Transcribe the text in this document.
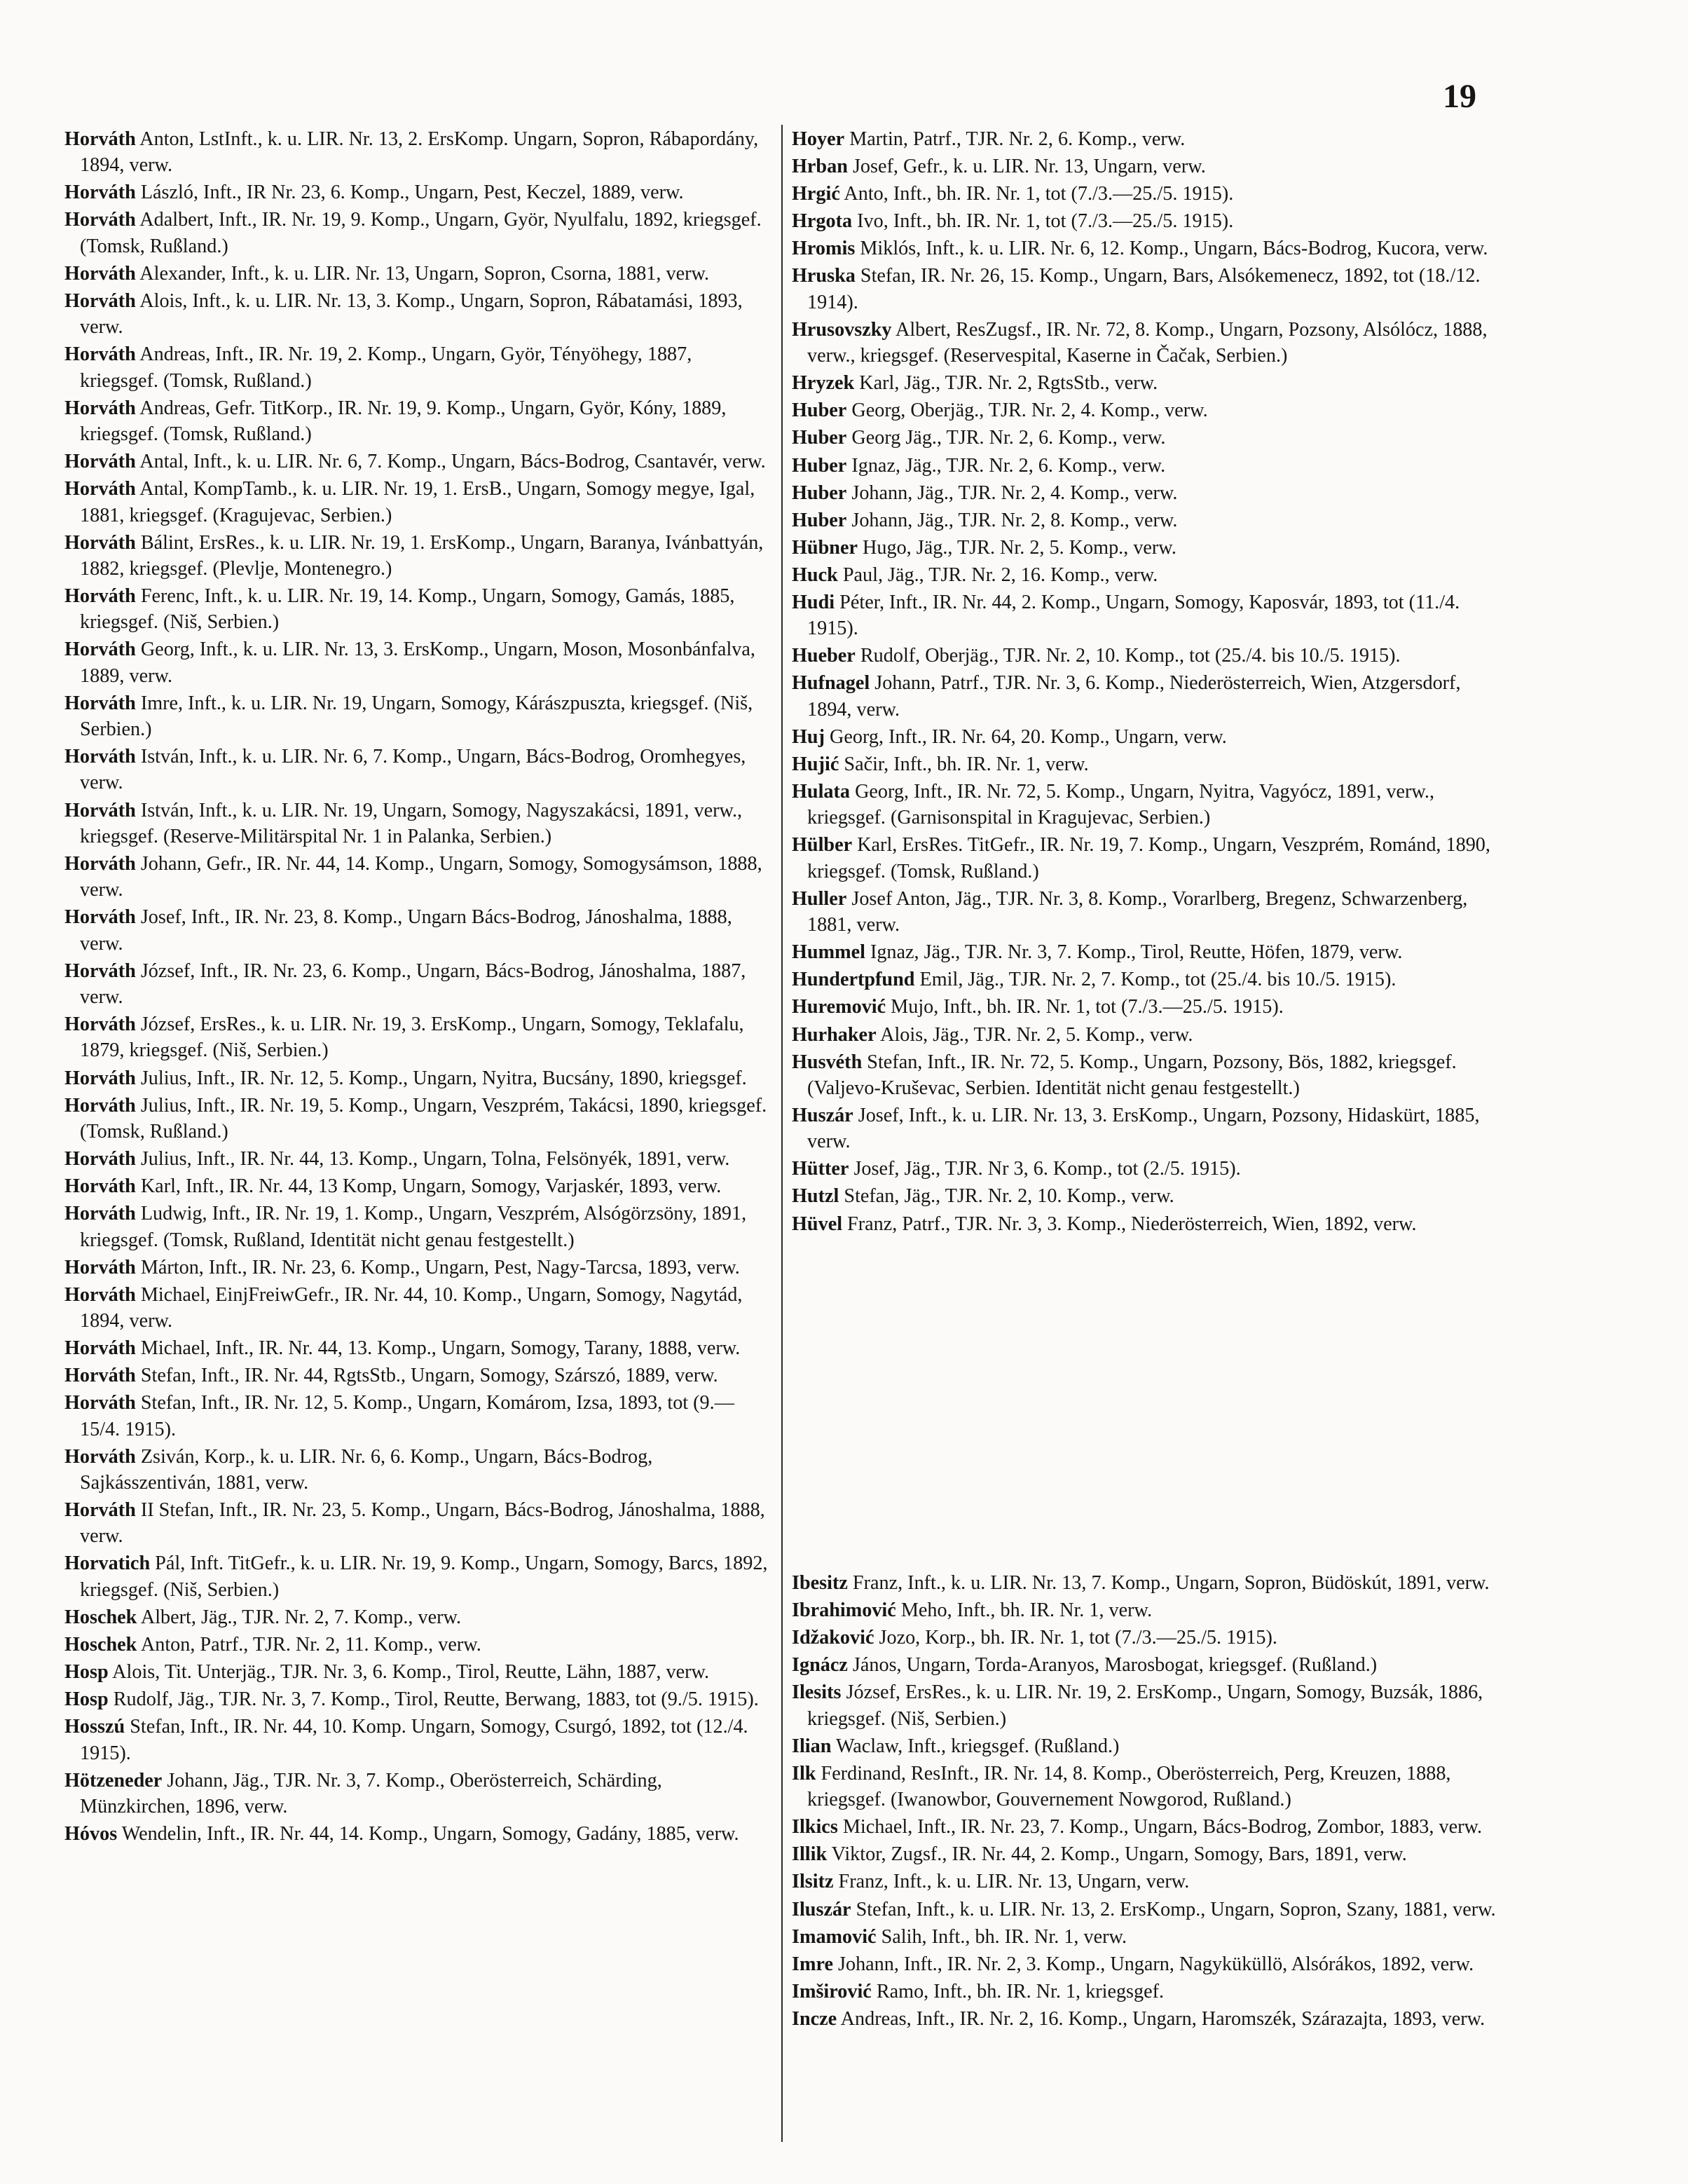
19
Horváth Anton, LstInft., k. u. LIR. Nr. 13, 2. ErsKomp. Ungarn, Sopron, Rábapordány, 1894, verw.
Horváth László, Inft., IR Nr. 23, 6. Komp., Ungarn, Pest, Keczel, 1889, verw.
Horváth Adalbert, Inft., IR. Nr. 19, 9. Komp., Ungarn, Györ, Nyulfalu, 1892, kriegsgef. (Tomsk, Rußland.)
Horváth Alexander, Inft., k. u. LIR. Nr. 13, Ungarn, Sopron, Csorna, 1881, verw.
Horváth Alois, Inft., k. u. LIR. Nr. 13, 3. Komp., Ungarn, Sopron, Rábatamási, 1893, verw.
Horváth Andreas, Inft., IR. Nr. 19, 2. Komp., Ungarn, Györ, Tényöhegy, 1887, kriegsgef. (Tomsk, Rußland.)
Horváth Andreas, Gefr. TitKorp., IR. Nr. 19, 9. Komp., Ungarn, Györ, Kóny, 1889, kriegsgef. (Tomsk, Rußland.)
Horváth Antal, Inft., k. u. LIR. Nr. 6, 7. Komp., Ungarn, Bács-Bodrog, Csantavér, verw.
Horváth Antal, KompTamb., k. u. LIR. Nr. 19, 1. ErsB., Ungarn, Somogy megye, Igal, 1881, kriegsgef. (Kragujevac, Serbien.)
Horváth Bálint, ErsRes., k. u. LIR. Nr. 19, 1. ErsKomp., Ungarn, Baranya, Ivánbattyán, 1882, kriegsgef. (Plevlje, Montenegro.)
Horváth Ferenc, Inft., k. u. LIR. Nr. 19, 14. Komp., Ungarn, Somogy, Gamás, 1885, kriegsgef. (Niš, Serbien.)
Horváth Georg, Inft., k. u. LIR. Nr. 13, 3. ErsKomp., Ungarn, Moson, Mosonbánfalva, 1889, verw.
Horváth Imre, Inft., k. u. LIR. Nr. 19, Ungarn, Somogy, Kárászpuszta, kriegsgef. (Niš, Serbien.)
Horváth István, Inft., k. u. LIR. Nr. 6, 7. Komp., Ungarn, Bács-Bodrog, Oromhegyes, verw.
Horváth István, Inft., k. u. LIR. Nr. 19, Ungarn, Somogy, Nagyszakácsi, 1891, verw., kriegsgef. (Reserve-Militärspital Nr. 1 in Palanka, Serbien.)
Horváth Johann, Gefr., IR. Nr. 44, 14. Komp., Ungarn, Somogy, Somogysámson, 1888, verw.
Horváth Josef, Inft., IR. Nr. 23, 8. Komp., Ungarn Bács-Bodrog, Jánoshalma, 1888, verw.
Horváth József, Inft., IR. Nr. 23, 6. Komp., Ungarn, Bács-Bodrog, Jánoshalma, 1887, verw.
Horváth József, ErsRes., k. u. LIR. Nr. 19, 3. ErsKomp., Ungarn, Somogy, Teklafalu, 1879, kriegsgef. (Niš, Serbien.)
Horváth Julius, Inft., IR. Nr. 12, 5. Komp., Ungarn, Nyitra, Bucsány, 1890, kriegsgef.
Horváth Julius, Inft., IR. Nr. 19, 5. Komp., Ungarn, Veszprém, Takácsi, 1890, kriegsgef. (Tomsk, Rußland.)
Horváth Julius, Inft., IR. Nr. 44, 13. Komp., Ungarn, Tolna, Felsönyék, 1891, verw.
Horváth Karl, Inft., IR. Nr. 44, 13 Komp, Ungarn, Somogy, Varjaskér, 1893, verw.
Horváth Ludwig, Inft., IR. Nr. 19, 1. Komp., Ungarn, Veszprém, Alsógörzsöny, 1891, kriegsgef. (Tomsk, Rußland, Identität nicht genau festgestellt.)
Horváth Márton, Inft., IR. Nr. 23, 6. Komp., Ungarn, Pest, Nagy-Tarcsa, 1893, verw.
Horváth Michael, EinjFreiwGefr., IR. Nr. 44, 10. Komp., Ungarn, Somogy, Nagytád, 1894, verw.
Horváth Michael, Inft., IR. Nr. 44, 13. Komp., Ungarn, Somogy, Tarany, 1888, verw.
Horváth Stefan, Inft., IR. Nr. 44, RgtsStb., Ungarn, Somogy, Szárszó, 1889, verw.
Horváth Stefan, Inft., IR. Nr. 12, 5. Komp., Ungarn, Komárom, Izsa, 1893, tot (9.—15/4. 1915).
Horváth Zsiván, Korp., k. u. LIR. Nr. 6, 6. Komp., Ungarn, Bács-Bodrog, Sajkásszentiván, 1881, verw.
Horváth II Stefan, Inft., IR. Nr. 23, 5. Komp., Ungarn, Bács-Bodrog, Jánoshalma, 1888, verw.
Horvatich Pál, Inft. TitGefr., k. u. LIR. Nr. 19, 9. Komp., Ungarn, Somogy, Barcs, 1892, kriegsgef. (Niš, Serbien.)
Hoschek Albert, Jäg., TJR. Nr. 2, 7. Komp., verw.
Hoschek Anton, Patrf., TJR. Nr. 2, 11. Komp., verw.
Hosp Alois, Tit. Unterjäg., TJR. Nr. 3, 6. Komp., Tirol, Reutte, Lähn, 1887, verw.
Hosp Rudolf, Jäg., TJR. Nr. 3, 7. Komp., Tirol, Reutte, Berwang, 1883, tot (9./5. 1915).
Hosszú Stefan, Inft., IR. Nr. 44, 10. Komp. Ungarn, Somogy, Csurgó, 1892, tot (12./4. 1915).
Hötzeneder Johann, Jäg., TJR. Nr. 3, 7. Komp., Oberösterreich, Schärding, Münzkirchen, 1896, verw.
Hóvos Wendelin, Inft., IR. Nr. 44, 14. Komp., Ungarn, Somogy, Gadány, 1885, verw.
Hoyer Martin, Patrf., TJR. Nr. 2, 6. Komp., verw.
Hrban Josef, Gefr., k. u. LIR. Nr. 13, Ungarn, verw.
Hrgić Anto, Inft., bh. IR. Nr. 1, tot (7./3.—25./5. 1915).
Hrgota Ivo, Inft., bh. IR. Nr. 1, tot (7./3.—25./5. 1915).
Hromis Miklós, Inft., k. u. LIR. Nr. 6, 12. Komp., Ungarn, Bács-Bodrog, Kucora, verw.
Hruska Stefan, IR. Nr. 26, 15. Komp., Ungarn, Bars, Alsókemenecz, 1892, tot (18./12. 1914).
Hrusovszky Albert, ResZugsf., IR. Nr. 72, 8. Komp., Ungarn, Pozsony, Alsólócz, 1888, verw., kriegsgef. (Reservespital, Kaserne in Čačak, Serbien.)
Hryzek Karl, Jäg., TJR. Nr. 2, RgtsStb., verw.
Huber Georg, Oberjäg., TJR. Nr. 2, 4. Komp., verw.
Huber Georg Jäg., TJR. Nr. 2, 6. Komp., verw.
Huber Ignaz, Jäg., TJR. Nr. 2, 6. Komp., verw.
Huber Johann, Jäg., TJR. Nr. 2, 4. Komp., verw.
Huber Johann, Jäg., TJR. Nr. 2, 8. Komp., verw.
Hübner Hugo, Jäg., TJR. Nr. 2, 5. Komp., verw.
Huck Paul, Jäg., TJR. Nr. 2, 16. Komp., verw.
Hudi Péter, Inft., IR. Nr. 44, 2. Komp., Ungarn, Somogy, Kaposvár, 1893, tot (11./4. 1915).
Hueber Rudolf, Oberjäg., TJR. Nr. 2, 10. Komp., tot (25./4. bis 10./5. 1915).
Hufnagel Johann, Patrf., TJR. Nr. 3, 6. Komp., Niederösterreich, Wien, Atzgersdorf, 1894, verw.
Huj Georg, Inft., IR. Nr. 64, 20. Komp., Ungarn, verw.
Hujić Sačir, Inft., bh. IR. Nr. 1, verw.
Hulata Georg, Inft., IR. Nr. 72, 5. Komp., Ungarn, Nyitra, Vagyócz, 1891, verw., kriegsgef. (Garnisonspital in Kragujevac, Serbien.)
Hülber Karl, ErsRes. TitGefr., IR. Nr. 19, 7. Komp., Ungarn, Veszprém, Románd, 1890, kriegsgef. (Tomsk, Rußland.)
Huller Josef Anton, Jäg., TJR. Nr. 3, 8. Komp., Vorarlberg, Bregenz, Schwarzenberg, 1881, verw.
Hummel Ignaz, Jäg., TJR. Nr. 3, 7. Komp., Tirol, Reutte, Höfen, 1879, verw.
Hundertpfund Emil, Jäg., TJR. Nr. 2, 7. Komp., tot (25./4. bis 10./5. 1915).
Huremović Mujo, Inft., bh. IR. Nr. 1, tot (7./3.—25./5. 1915).
Hurhaker Alois, Jäg., TJR. Nr. 2, 5. Komp., verw.
Husvéth Stefan, Inft., IR. Nr. 72, 5. Komp., Ungarn, Pozsony, Bös, 1882, kriegsgef. (Valjevo-Kruševac, Serbien. Identität nicht genau festgestellt.)
Huszár Josef, Inft., k. u. LIR. Nr. 13, 3. ErsKomp., Ungarn, Pozsony, Hidaskürt, 1885, verw.
Hütter Josef, Jäg., TJR. Nr 3, 6. Komp., tot (2./5. 1915).
Hutzl Stefan, Jäg., TJR. Nr. 2, 10. Komp., verw.
Hüvel Franz, Patrf., TJR. Nr. 3, 3. Komp., Niederösterreich, Wien, 1892, verw.
Ibesitz Franz, Inft., k. u. LIR. Nr. 13, 7. Komp., Ungarn, Sopron, Büdöskút, 1891, verw.
Ibrahimović Meho, Inft., bh. IR. Nr. 1, verw.
Idžaković Jozo, Korp., bh. IR. Nr. 1, tot (7./3.—25./5. 1915).
Ignácz János, Ungarn, Torda-Aranyos, Marosbogat, kriegsgef. (Rußland.)
Ilesits József, ErsRes., k. u. LIR. Nr. 19, 2. ErsKomp., Ungarn, Somogy, Buzsák, 1886, kriegsgef. (Niš, Serbien.)
Ilian Waclaw, Inft., kriegsgef. (Rußland.)
Ilk Ferdinand, ResInft., IR. Nr. 14, 8. Komp., Oberösterreich, Perg, Kreuzen, 1888, kriegsgef. (Iwanowbor, Gouvernement Nowgorod, Rußland.)
Ilkics Michael, Inft., IR. Nr. 23, 7. Komp., Ungarn, Bács-Bodrog, Zombor, 1883, verw.
Illik Viktor, Zugsf., IR. Nr. 44, 2. Komp., Ungarn, Somogy, Bars, 1891, verw.
Ilsitz Franz, Inft., k. u. LIR. Nr. 13, Ungarn, verw.
Iluszár Stefan, Inft., k. u. LIR. Nr. 13, 2. ErsKomp., Ungarn, Sopron, Szany, 1881, verw.
Imamović Salih, Inft., bh. IR. Nr. 1, verw.
Imre Johann, Inft., IR. Nr. 2, 3. Komp., Ungarn, Nagyküküllö, Alsórákos, 1892, verw.
Imširović Ramo, Inft., bh. IR. Nr. 1, kriegsgef.
Incze Andreas, Inft., IR. Nr. 2, 16. Komp., Ungarn, Haromszék, Szárazajta, 1893, verw.
